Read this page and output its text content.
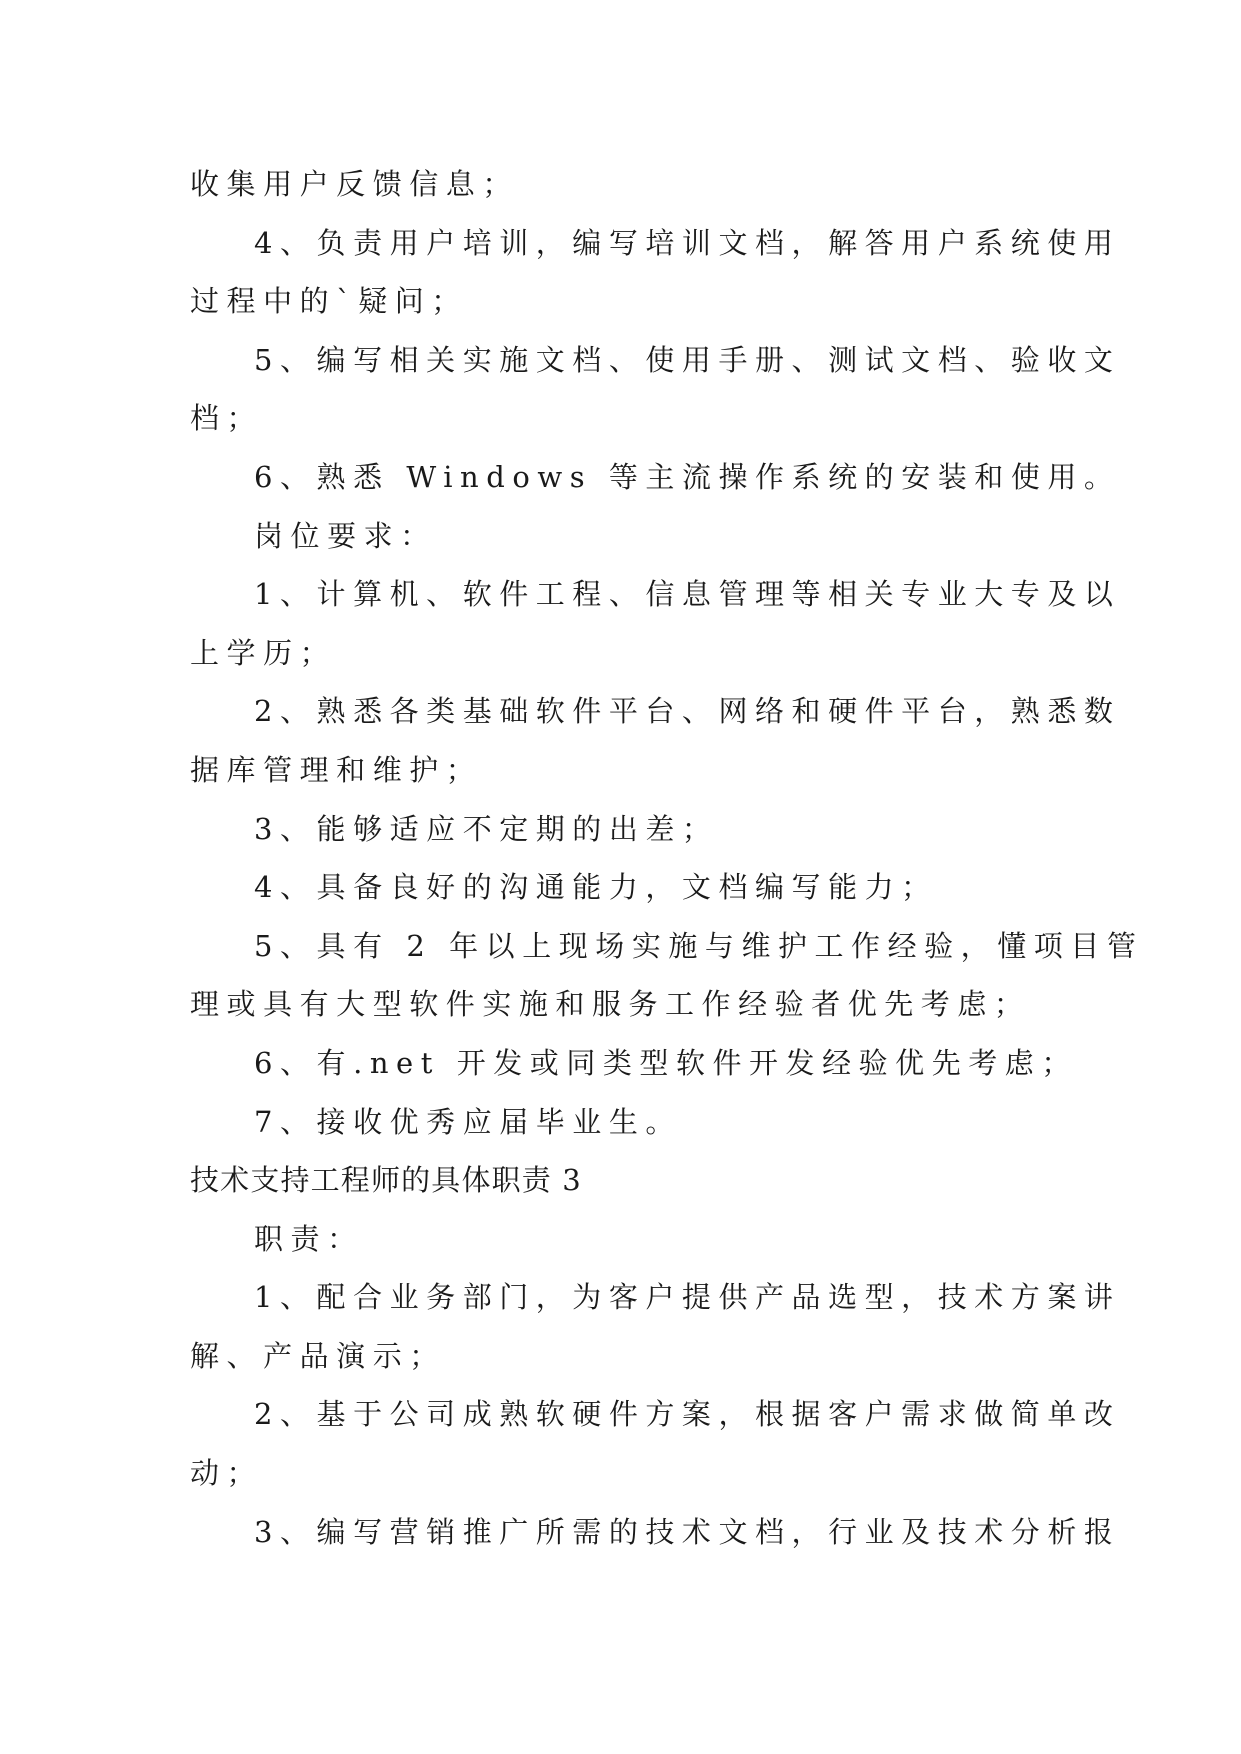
收集用户反馈信息；
4、负责用户培训，编写培训文档，解答用户系统使用
过程中的`疑问；
5、编写相关实施文档、使用手册、测试文档、验收文
档；
6、熟悉 Windows 等主流操作系统的安装和使用。
岗位要求：
1、计算机、软件工程、信息管理等相关专业大专及以
上学历；
2、熟悉各类基础软件平台、网络和硬件平台，熟悉数
据库管理和维护；
3、能够适应不定期的出差；
4、具备良好的沟通能力，文档编写能力；
5、具有 2 年以上现场实施与维护工作经验，懂项目管
理或具有大型软件实施和服务工作经验者优先考虑；
6、有.net 开发或同类型软件开发经验优先考虑；
7、接收优秀应届毕业生。
技术支持工程师的具体职责 3
职责：
1、配合业务部门，为客户提供产品选型，技术方案讲
解、产品演示；
2、基于公司成熟软硬件方案，根据客户需求做简单改
动；
3、编写营销推广所需的技术文档，行业及技术分析报
